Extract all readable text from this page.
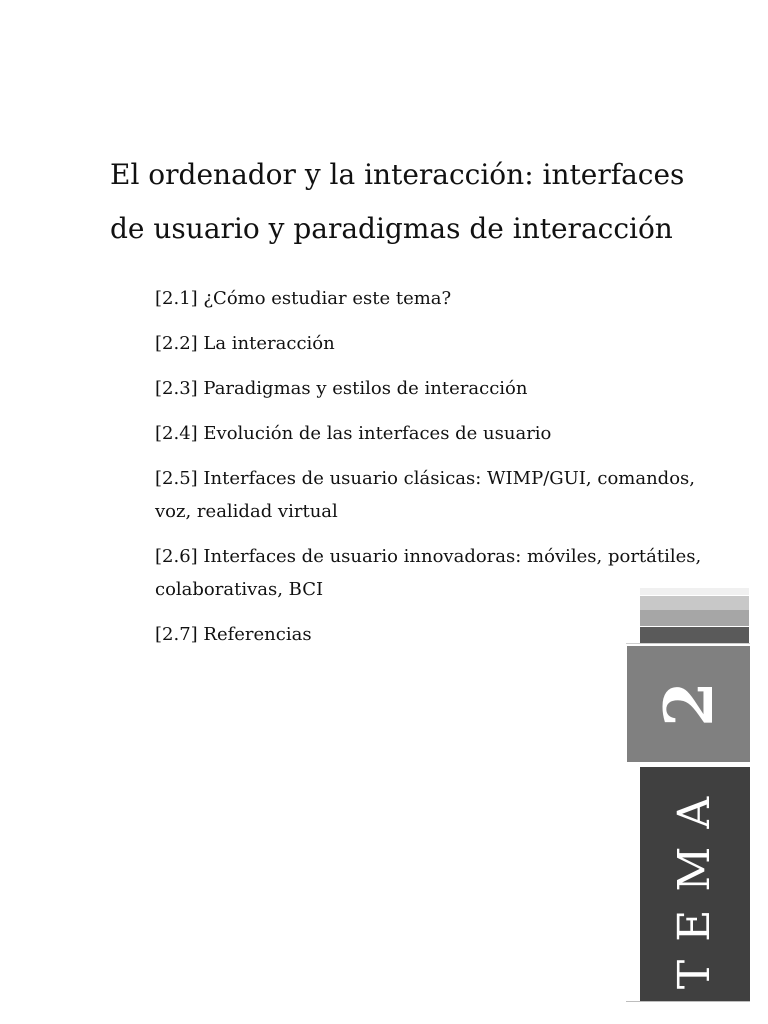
El ordenador y la interacción: interfaces
de usuario y paradigmas de interacción
[2.1] ¿Cómo estudiar este tema?
[2.2] La interacción
[2.3] Paradigmas y estilos de interacción
[2.4] Evolución de las interfaces de usuario
[2.5] Interfaces de usuario clásicas: WIMP/GUI, comandos, voz, realidad virtual
[2.6] Interfaces de usuario innovadoras: móviles, portátiles, colaborativas, BCI
[2.7] Referencias
2
TEMA
